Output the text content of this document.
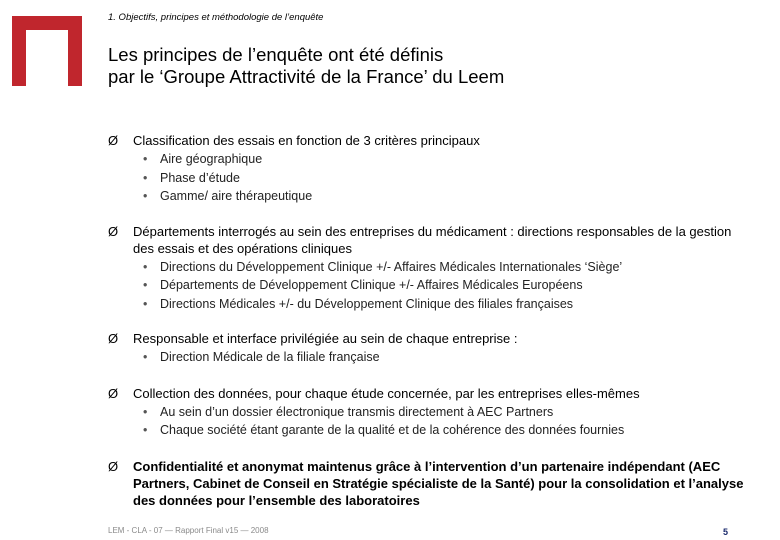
1. Objectifs, principes et méthodologie de l’enquête
Les principes de l’enquête ont été définis
par le ‘Groupe Attractivité de la France’ du Leem
Ø Classification des essais en fonction de 3 critères principaux
• Aire géographique
• Phase d’étude
• Gamme/ aire thérapeutique
Ø Départements interrogés au sein des entreprises du médicament : directions responsables de la gestion des essais et des opérations cliniques
• Directions du Développement Clinique +/- Affaires Médicales Internationales ‘Siège’
• Départements de Développement Clinique +/- Affaires Médicales Européens
• Directions Médicales +/- du Développement Clinique des filiales françaises
Ø Responsable et interface privilégiée au sein de chaque entreprise :
• Direction Médicale de la filiale française
Ø Collection des données, pour chaque étude concernée, par les entreprises elles-mêmes
• Au sein d’un dossier électronique transmis directement à AEC Partners
• Chaque société étant garante de la qualité et de la cohérence des données fournies
Ø Confidentialité et anonymat maintenus grâce à l’intervention d’un partenaire indépendant (AEC Partners, Cabinet de Conseil en Stratégie spécialiste de la Santé) pour la consolidation et l’analyse des données pour l’ensemble des laboratoires
LEM - CLA - 07 — Rapport Final v15 — 2008	5
